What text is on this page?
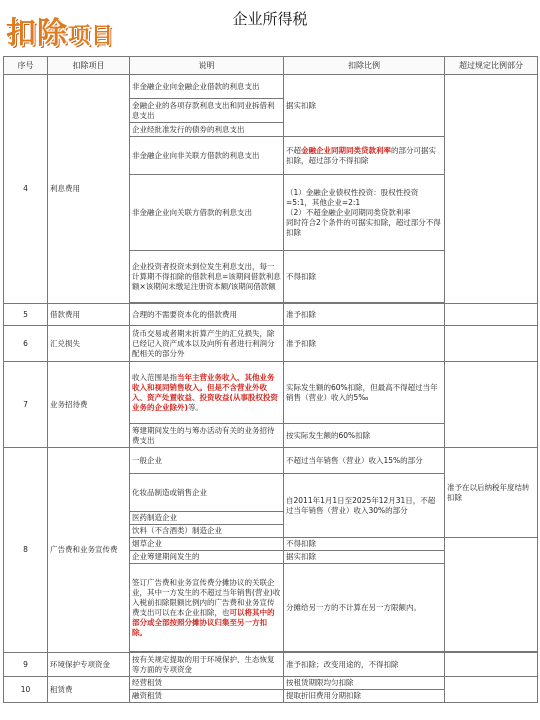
扣除项目
企业所得税
序号	扣除项目	说明	扣除比例	超过规定比例部分
4	利息费用	非金融企业向金融企业借款的利息支出	据实扣除	
		金融企业的各项存款利息支出和同业拆借利息支出		
		企业经批准发行的债券的利息支出		
		非金融企业向非关联方借款的利息支出	不超金融企业同期同类贷款利率的部分可据实扣除，超过部分不得扣除	
		非金融企业向关联方借款的利息支出	（1）金融企业债权性投资：股权性投资=5:1，其他企业=2:1
（2）不超金融企业同期同类贷款利率
同时符合2个条件的可据实扣除，超过部分不得扣除	

		企业投资者投资未到位发生利息支出，每一计算期不得扣除的借款利息=该期间借款利息额×该期间未缴足注册资本额/该期间借款额	不得扣除	

5	借款费用	合理的不需要资本化的借款费用	准予扣除	
6	汇兑损失	货币交易或者期末折算产生的汇兑损失，除已经记入资产成本以及向所有者进行利润分配相关的部分外	准予扣除	
7	业务招待费	收入范围是指当年主营业务收入、其他业务收入和视同销售收入。但是不含营业外收入、资产处置收益、投资收益(从事股权投资业务的企业除外)等。	实际发生额的60%扣除，但最高不得超过当年销售（营业）收入的5‰	
		筹建期间发生的与筹办活动有关的业务招待费支出	按实际发生额的60%扣除	
8	广告费和业务宣传费	一般企业	不超过当年销售（营业）收入15%的部分	准予在以后纳税年度结转扣除
		化妆品制造或销售企业	自2011年1月1日至2025年12月31日，不超过当年销售（营业）收入30%的部分	
		医药制造企业		
		饮料（不含酒类）制造企业		
		烟草企业	不得扣除	
		企业筹建期间发生的	据实扣除	
		签订广告费和业务宣传费分摊协议的关联企业，其中一方发生的不超过当年销售(营业)收入税前扣除限额比例内的广告费和业务宣传费支出可以在本企业扣除，也可以将其中的部分或全部按照分摊协议归集至另一方扣除。	分摊给另一方的不计算在另一方限额内。	

9	环境保护专项资金	按有关规定提取的用于环境保护、生态恢复等方面的专项资金	准予扣除；改变用途的，不得扣除	
10	租赁费	经营租赁	按租赁期限均匀扣除	
		融资租赁	提取折旧费用分期扣除	
